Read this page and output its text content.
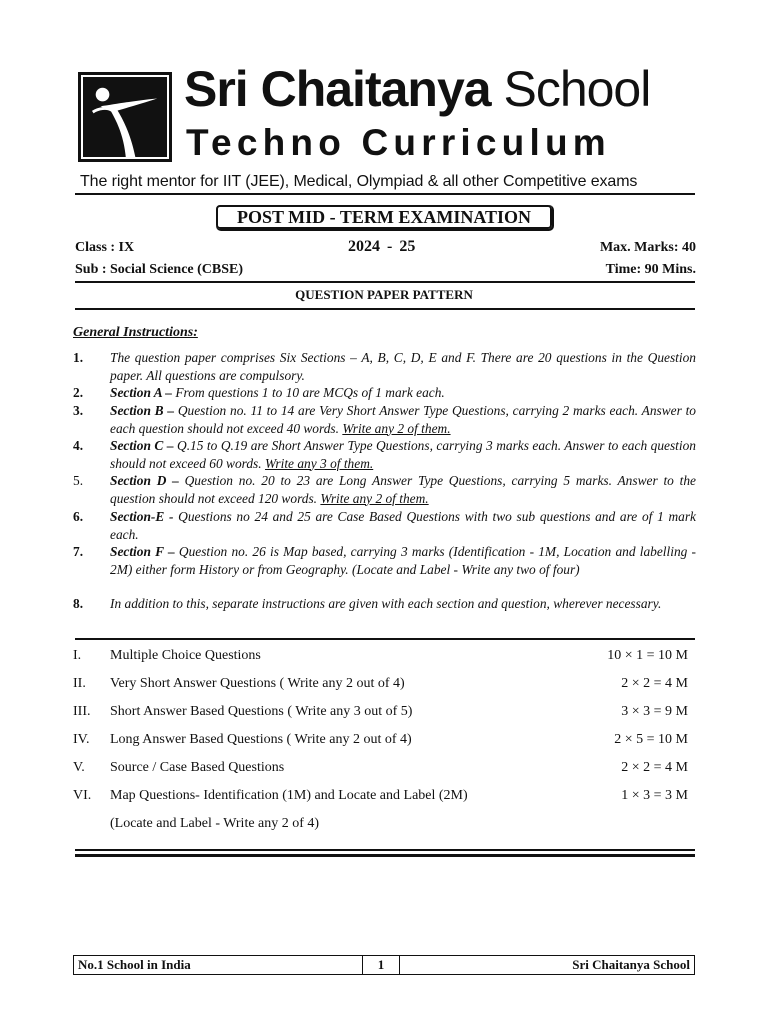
Sri Chaitanya School
Techno Curriculum
The right mentor for IIT (JEE), Medical, Olympiad & all other Competitive exams
POST MID - TERM EXAMINATION
Class : IX	2024 - 25	Max. Marks: 40
Sub : Social Science (CBSE)	Time: 90 Mins.
QUESTION PAPER PATTERN
General Instructions:
1. The question paper comprises Six Sections – A, B, C, D, E and F. There are 20 questions in the Question paper. All questions are compulsory.
2. Section A – From questions 1 to 10 are MCQs of 1 mark each.
3. Section B – Question no. 11 to 14 are Very Short Answer Type Questions, carrying 2 marks each. Answer to each question should not exceed 40 words. Write any 2 of them.
4. Section C – Q.15 to Q.19 are Short Answer Type Questions, carrying 3 marks each. Answer to each question should not exceed 60 words. Write any 3 of them.
5. Section D – Question no. 20 to 23 are Long Answer Type Questions, carrying 5 marks. Answer to the question should not exceed 120 words. Write any 2 of them.
6. Section-E - Questions no 24 and 25 are Case Based Questions with two sub questions and are of 1 mark each.
7. Section F – Question no. 26 is Map based, carrying 3 marks (Identification - 1M, Location and labelling - 2M) either form History or from Geography. (Locate and Label - Write any two of four)
8. In addition to this, separate instructions are given with each section and question, wherever necessary.
I. Multiple Choice Questions	10 × 1 = 10 M
II. Very Short Answer Questions ( Write any 2 out of 4)	2 × 2 = 4 M
III. Short Answer Based Questions ( Write any 3 out of 5)	3 × 3 = 9 M
IV. Long Answer Based Questions ( Write any 2 out of 4)	2 × 5 = 10 M
V. Source / Case Based Questions	2 × 2 = 4 M
VI. Map Questions- Identification (1M) and Locate and Label (2M)	1 × 3 = 3 M
(Locate and Label - Write any 2 of 4)
No.1 School in India	1	Sri Chaitanya School
